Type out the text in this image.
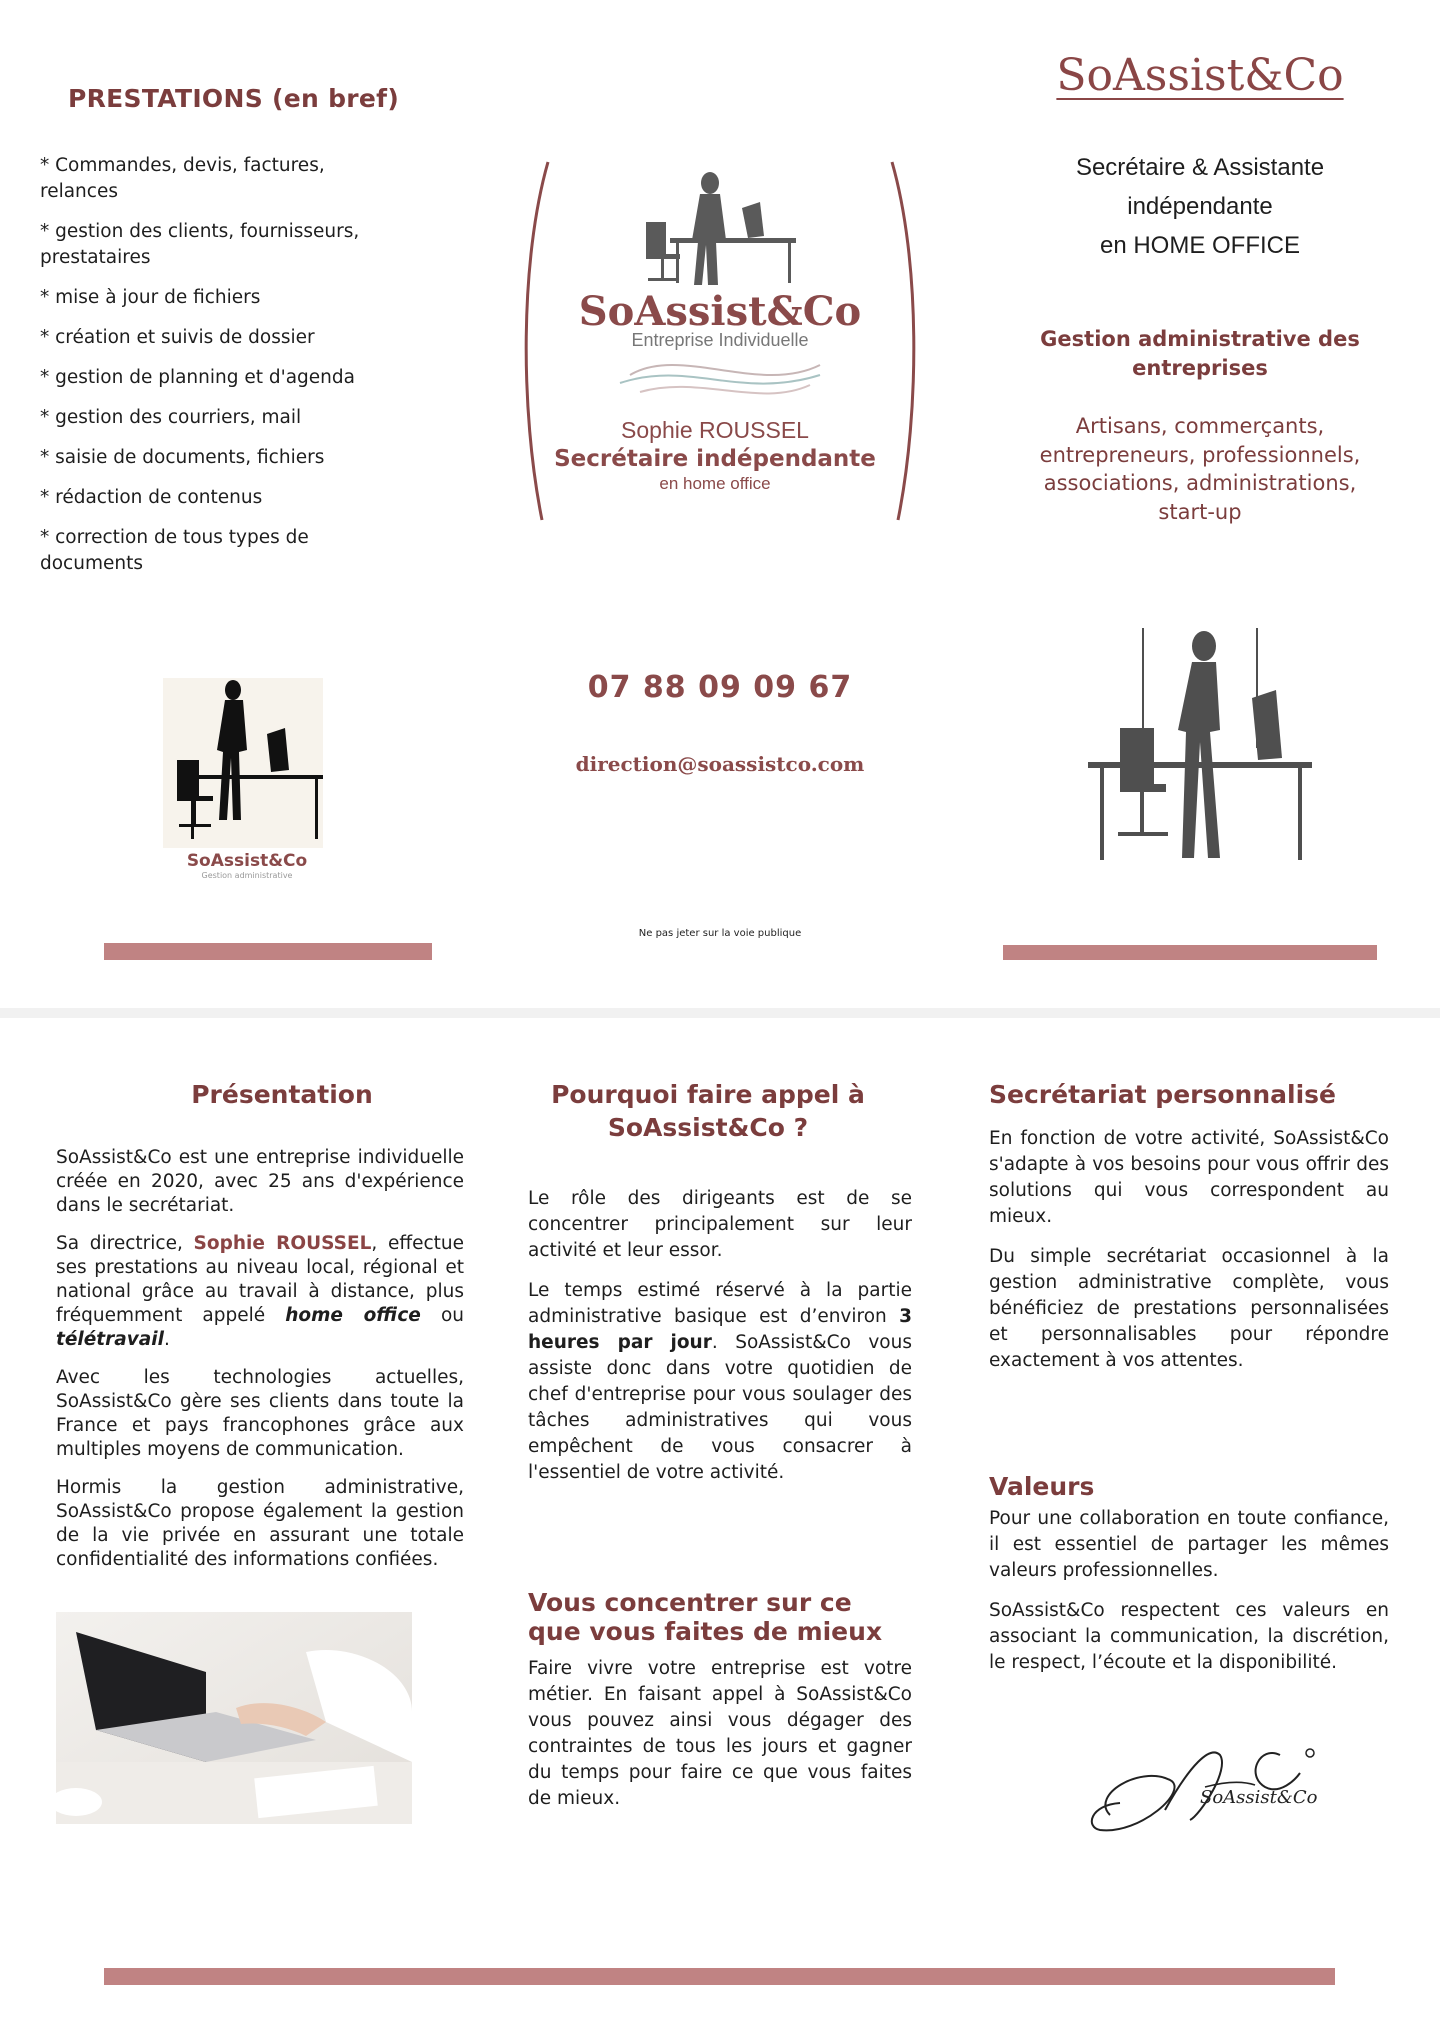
PRESTATIONS (en bref)
* Commandes, devis, factures, relances
* gestion des clients, fournisseurs, prestataires
* mise à jour de fichiers
* création et suivis de dossier
* gestion de planning et d'agenda
* gestion des courriers, mail
* saisie de documents, fichiers
* rédaction de contenus
* correction de tous types de documents
SoAssist&Co
Entreprise Individuelle
Sophie ROUSSEL
Secrétaire indépendante
en home office
SoAssist&Co
Secrétaire & Assistante
indépendante
en HOME OFFICE
Gestion administrative des entreprises
Artisans, commerçants, entrepreneurs, professionnels, associations, administrations, start-up
SoAssist&Co
Gestion administrative
07 88 09 09 67
direction@soassistco.com
Ne pas jeter sur la voie publique
Présentation

SoAssist&Co est une entreprise individuelle créée en 2020, avec 25 ans d'expérience dans le secrétariat.

Sa directrice, Sophie ROUSSEL, effectue ses prestations au niveau local, régional et national grâce au travail à distance, plus fréquemment appelé home office ou télétravail.

Avec les technologies actuelles, SoAssist&Co gère ses clients dans toute la France et pays francophones grâce aux multiples moyens de communication.

Hormis la gestion administrative, SoAssist&Co propose également la gestion de la vie privée en assurant une totale confidentialité des informations confiées.

Pourquoi faire appel à SoAssist&Co ?

Le rôle des dirigeants est de se concentrer principalement sur leur activité et leur essor.

Le temps estimé réservé à la partie administrative basique est d’environ 3 heures par jour. SoAssist&Co vous assiste donc dans votre quotidien de chef d'entreprise pour vous soulager des tâches administratives qui vous empêchent de vous consacrer à l'essentiel de votre activité.

Vous concentrer sur ce que vous faites de mieux

Faire vivre votre entreprise est votre métier. En faisant appel à SoAssist&Co vous pouvez ainsi vous dégager des contraintes de tous les jours et gagner du temps pour faire ce que vous faites de mieux.

Secrétariat personnalisé

En fonction de votre activité, SoAssist&Co s'adapte à vos besoins pour vous offrir des solutions qui vous correspondent au mieux.

Du simple secrétariat occasionnel à la gestion administrative complète, vous bénéficiez de prestations personnalisées et personnalisables pour répondre exactement à vos attentes.

Valeurs

Pour une collaboration en toute confiance, il est essentiel de partager les mêmes valeurs professionnelles.

SoAssist&Co respectent ces valeurs en associant la communication, la discrétion, le respect, l’écoute et la disponibilité.

SoAssist&Co
